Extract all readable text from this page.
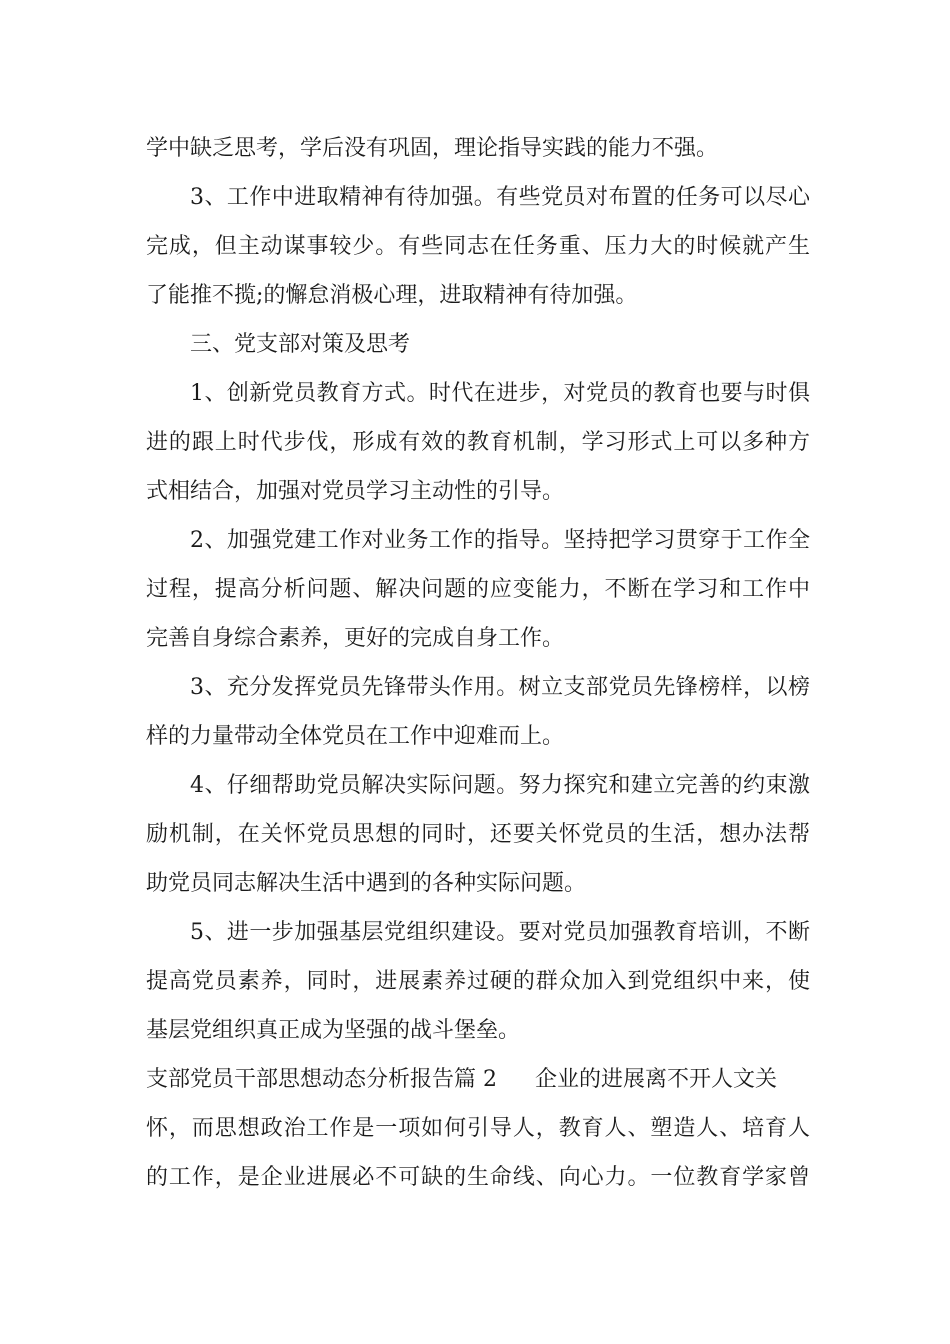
学中缺乏思考，学后没有巩固，理论指导实践的能力不强。
3、工作中进取精神有待加强。有些党员对布置的任务可以尽心
完成，但主动谋事较少。有些同志在任务重、压力大的时候就产生
了能推不揽;的懈怠消极心理，进取精神有待加强。
三、党支部对策及思考
1、创新党员教育方式。时代在进步，对党员的教育也要与时俱
进的跟上时代步伐，形成有效的教育机制，学习形式上可以多种方
式相结合，加强对党员学习主动性的引导。
2、加强党建工作对业务工作的指导。坚持把学习贯穿于工作全
过程，提高分析问题、解决问题的应变能力，不断在学习和工作中
完善自身综合素养，更好的完成自身工作。
3、充分发挥党员先锋带头作用。树立支部党员先锋榜样，以榜
样的力量带动全体党员在工作中迎难而上。
4、仔细帮助党员解决实际问题。努力探究和建立完善的约束激
励机制，在关怀党员思想的同时，还要关怀党员的生活，想办法帮
助党员同志解决生活中遇到的各种实际问题。
5、进一步加强基层党组织建设。要对党员加强教育培训，不断
提高党员素养，同时，进展素养过硬的群众加入到党组织中来，使
基层党组织真正成为坚强的战斗堡垒。
支部党员干部思想动态分析报告篇 2 企业的进展离不开人文关
怀，而思想政治工作是一项如何引导人，教育人、塑造人、培育人
的工作，是企业进展必不可缺的生命线、向心力。一位教育学家曾
